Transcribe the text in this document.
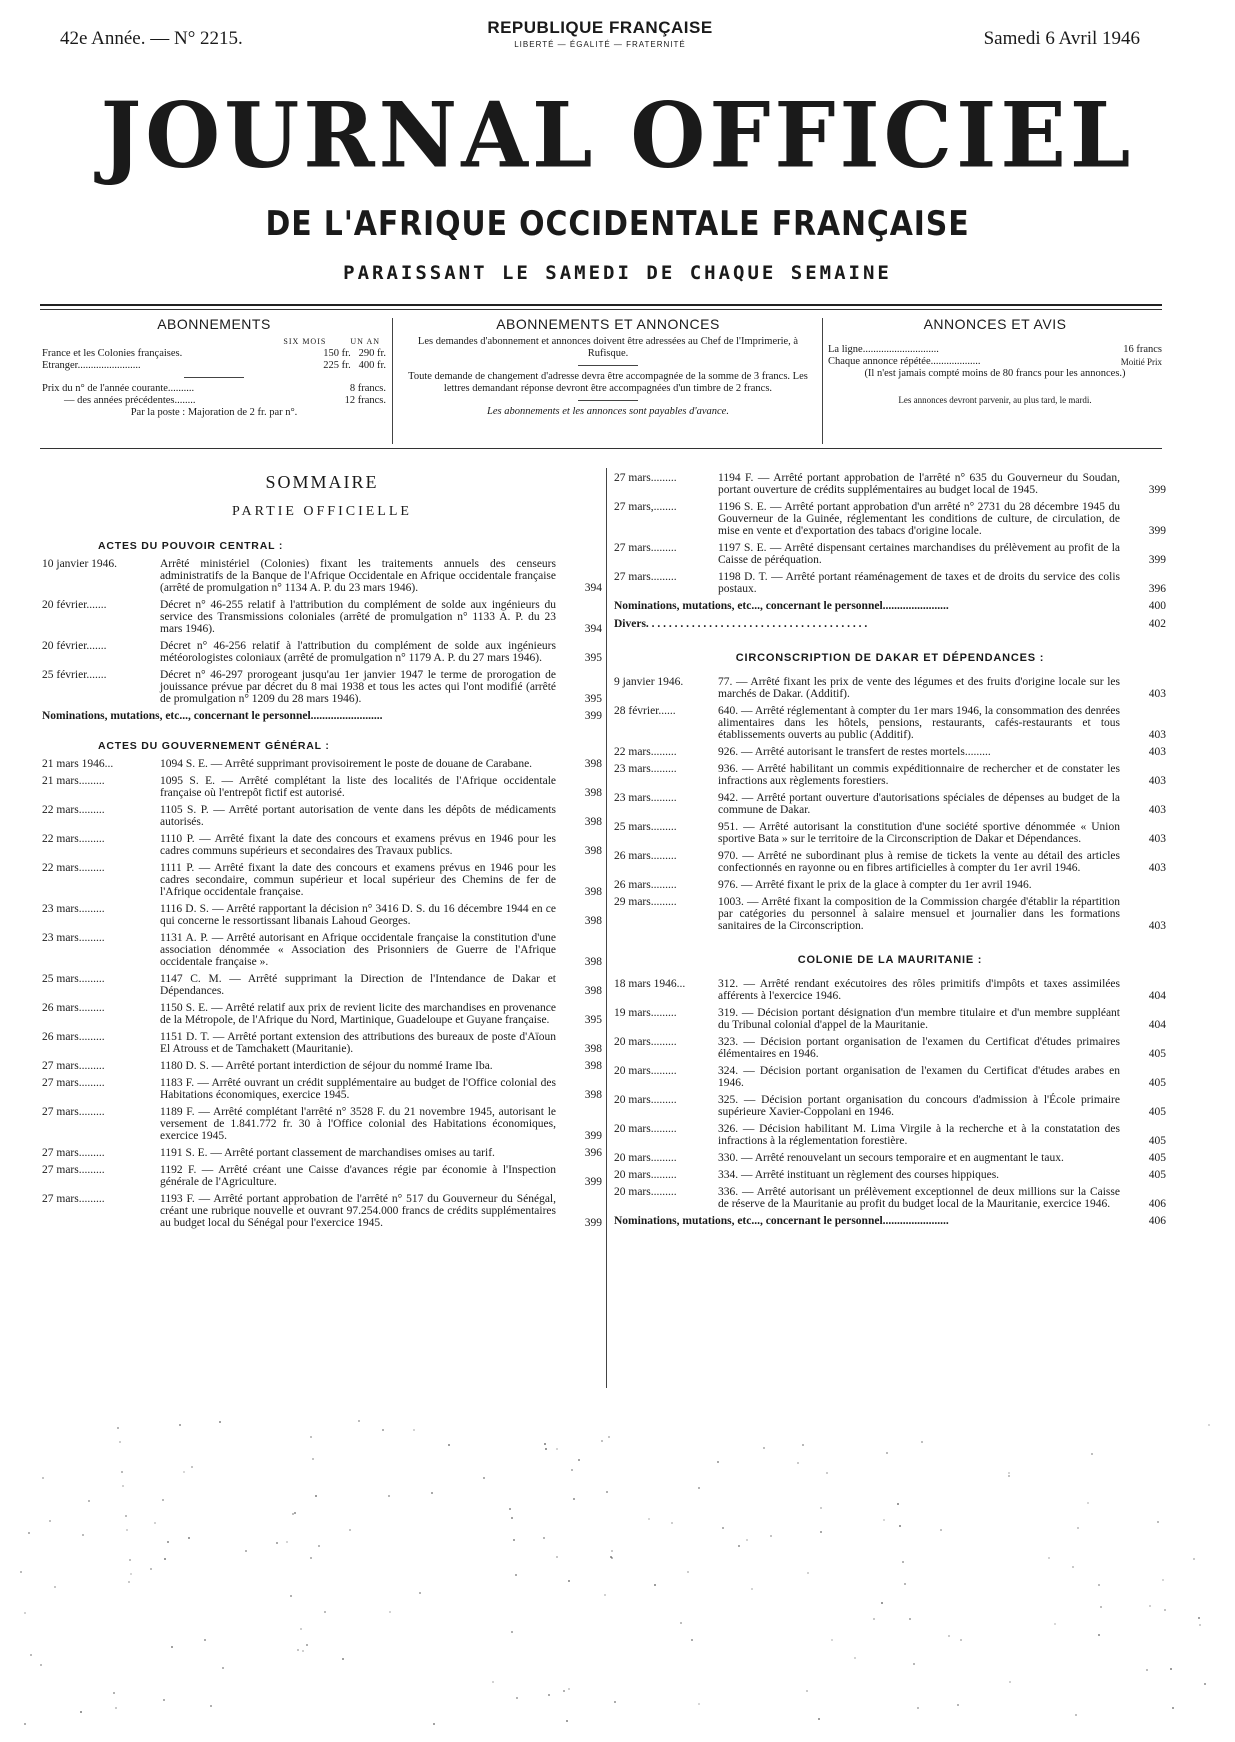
42e Année. — N° 2215.
REPUBLIQUE FRANÇAISE
LIBERTÉ — ÉGALITÉ — FRATERNITÉ	Samedi 6 Avril 1946
JOURNAL OFFICIEL
DE L'AFRIQUE OCCIDENTALE FRANÇAISE
PARAISSANT LE SAMEDI DE CHAQUE SEMAINE
ABONNEMENTS
SIX MOIS	UN AN
France et les Colonies françaises.	150 fr. 290 fr.
Etranger........................	225 fr. 400 fr.
Prix du n° de l'année courante..........	8 francs.
— des années précédentes........	12 francs.
Par la poste : Majoration de 2 fr. par n°.
ABONNEMENTS ET ANNONCES
Les demandes d'abonnement et annonces doivent être adressées au Chef de l'Imprimerie, à Rufisque.
Toute demande de changement d'adresse devra être accompagnée de la somme de 3 francs. Les lettres demandant réponse devront être accompagnées d'un timbre de 2 francs.
Les abonnements et les annonces sont payables d'avance.
ANNONCES ET AVIS
La ligne.............................	16 francs
Chaque annonce répétée...................	Moitié Prix
(Il n'est jamais compté moins de 80 francs pour les annonces.)
Les annonces devront parvenir, au plus tard, le mardi.
SOMMAIRE
PARTIE OFFICIELLE
ACTES DU POUVOIR CENTRAL :
10 janvier 1946.	Arrêté ministériel (Colonies) fixant les traitements annuels des censeurs administratifs de la Banque de l'Afrique Occidentale en Afrique occidentale française (arrêté de promulgation n° 1134 A. P. du 23 mars 1946).	394
20 février.......	Décret n° 46-255 relatif à l'attribution du complément de solde aux ingénieurs du service des Transmissions coloniales (arrêté de promulgation n° 1133 A. P. du 23 mars 1946).	394
20 février.......	Décret n° 46-256 relatif à l'attribution du complément de solde aux ingénieurs météorologistes coloniaux (arrêté de promulgation n° 1179 A. P. du 27 mars 1946).	395
25 février.......	Décret n° 46-297 prorogeant jusqu'au 1er janvier 1947 le terme de prorogation de jouissance prévue par décret du 8 mai 1938 et tous les actes qui l'ont modifié (arrêté de promulgation n° 1209 du 28 mars 1946).	395
Nominations, mutations, etc..., concernant le personnel.........................	399
ACTES DU GOUVERNEMENT GÉNÉRAL :
21 mars 1946...	1094 S. E. — Arrêté supprimant provisoirement le poste de douane de Carabane.	398
21 mars.........	1095 S. E. — Arrêté complétant la liste des localités de l'Afrique occidentale française où l'entrepôt fictif est autorisé.	398
22 mars.........	1105 S. P. — Arrêté portant autorisation de vente dans les dépôts de médicaments autorisés.	398
22 mars.........	1110 P. — Arrêté fixant la date des concours et examens prévus en 1946 pour les cadres communs supérieurs et secondaires des Travaux publics.	398
22 mars.........	1111 P. — Arrêté fixant la date des concours et examens prévus en 1946 pour les cadres secondaire, commun supérieur et local supérieur des Chemins de fer de l'Afrique occidentale française.	398
23 mars.........	1116 D. S. — Arrêté rapportant la décision n° 3416 D. S. du 16 décembre 1944 en ce qui concerne le ressortissant libanais Lahoud Georges.	398
23 mars.........	1131 A. P. — Arrêté autorisant en Afrique occidentale française la constitution d'une association dénommée « Association des Prisonniers de Guerre de l'Afrique occidentale française ».	398
25 mars.........	1147 C. M. — Arrêté supprimant la Direction de l'Intendance de Dakar et Dépendances.	398
26 mars.........	1150 S. E. — Arrêté relatif aux prix de revient licite des marchandises en provenance de la Métropole, de l'Afrique du Nord, Martinique, Guadeloupe et Guyane française.	395
26 mars.........	1151 D. T. — Arrêté portant extension des attributions des bureaux de poste d'Aïoun El Atrouss et de Tamchakett (Mauritanie).	398
27 mars.........	1180 D. S. — Arrêté portant interdiction de séjour du nommé Irame Iba.	398
27 mars.........	1183 F. — Arrêté ouvrant un crédit supplémentaire au budget de l'Office colonial des Habitations économiques, exercice 1945.	398
27 mars.........	1189 F. — Arrêté complétant l'arrêté n° 3528 F. du 21 novembre 1945, autorisant le versement de 1.841.772 fr. 30 à l'Office colonial des Habitations économiques, exercice 1945.	399
27 mars.........	1191 S. E. — Arrêté portant classement de marchandises omises au tarif.	396
27 mars.........	1192 F. — Arrêté créant une Caisse d'avances régie par économie à l'Inspection générale de l'Agriculture.	399
27 mars.........	1193 F. — Arrêté portant approbation de l'arrêté n° 517 du Gouverneur du Sénégal, créant une rubrique nouvelle et ouvrant 97.254.000 francs de crédits supplémentaires au budget local du Sénégal pour l'exercice 1945.	399
27 mars.........	1194 F. — Arrêté portant approbation de l'arrêté n° 635 du Gouverneur du Soudan, portant ouverture de crédits supplémentaires au budget local de 1945.	399
27 mars,........	1196 S. E. — Arrêté portant approbation d'un arrêté n° 2731 du 28 décembre 1945 du Gouverneur de la Guinée, réglementant les conditions de culture, de circulation, de mise en vente et d'exportation des tabacs d'origine locale.	399
27 mars.........	1197 S. E. — Arrêté dispensant certaines marchandises du prélèvement au profit de la Caisse de péréquation.	399
27 mars.........	1198 D. T. — Arrêté portant réaménagement de taxes et de droits du service des colis postaux.	396
Nominations, mutations, etc..., concernant le personnel.......................	400
Divers. . . . . . . . . . . . . . . . . . . . . . . . . . . . . . . . . . . . . . .	402
CIRCONSCRIPTION DE DAKAR ET DÉPENDANCES :
9 janvier 1946.	77. — Arrêté fixant les prix de vente des légumes et des fruits d'origine locale sur les marchés de Dakar. (Additif).	403
28 février......	640. — Arrêté réglementant à compter du 1er mars 1946, la consommation des denrées alimentaires dans les hôtels, pensions, restaurants, cafés-restaurants et tous établissements ouverts au public (Additif).	403
22 mars.........	926. — Arrêté autorisant le transfert de restes mortels.........	403
23 mars.........	936. — Arrêté habilitant un commis expéditionnaire de rechercher et de constater les infractions aux règlements forestiers.	403
23 mars.........	942. — Arrêté portant ouverture d'autorisations spéciales de dépenses au budget de la commune de Dakar.	403
25 mars.........	951. — Arrêté autorisant la constitution d'une société sportive dénommée « Union sportive Bata » sur le territoire de la Circonscription de Dakar et Dépendances.	403
26 mars.........	970. — Arrêté ne subordinant plus à remise de tickets la vente au détail des articles confectionnés en rayonne ou en fibres artificielles à compter du 1er avril 1946.	403
26 mars.........	976. — Arrêté fixant le prix de la glace à compter du 1er avril 1946.
29 mars.........	1003. — Arrêté fixant la composition de la Commission chargée d'établir la répartition par catégories du personnel à salaire mensuel et journalier dans les formations sanitaires de la Circonscription.	403
COLONIE DE LA MAURITANIE :
18 mars 1946...	312. — Arrêté rendant exécutoires des rôles primitifs d'impôts et taxes assimilées afférents à l'exercice 1946.	404
19 mars.........	319. — Décision portant désignation d'un membre titulaire et d'un membre suppléant du Tribunal colonial d'appel de la Mauritanie.	404
20 mars.........	323. — Décision portant organisation de l'examen du Certificat d'études primaires élémentaires en 1946.	405
20 mars.........	324. — Décision portant organisation de l'examen du Certificat d'études arabes en 1946.	405
20 mars.........	325. — Décision portant organisation du concours d'admission à l'École primaire supérieure Xavier-Coppolani en 1946.	405
20 mars.........	326. — Décision habilitant M. Lima Virgile à la recherche et à la constatation des infractions à la réglementation forestière.	405
20 mars.........	330. — Arrêté renouvelant un secours temporaire et en augmentant le taux.	405
20 mars.........	334. — Arrêté instituant un règlement des courses hippiques.	405
20 mars.........	336. — Arrêté autorisant un prélèvement exceptionnel de deux millions sur la Caisse de réserve de la Mauritanie au profit du budget local de la Mauritanie, exercice 1946.	406
Nominations, mutations, etc..., concernant le personnel.......................	406
